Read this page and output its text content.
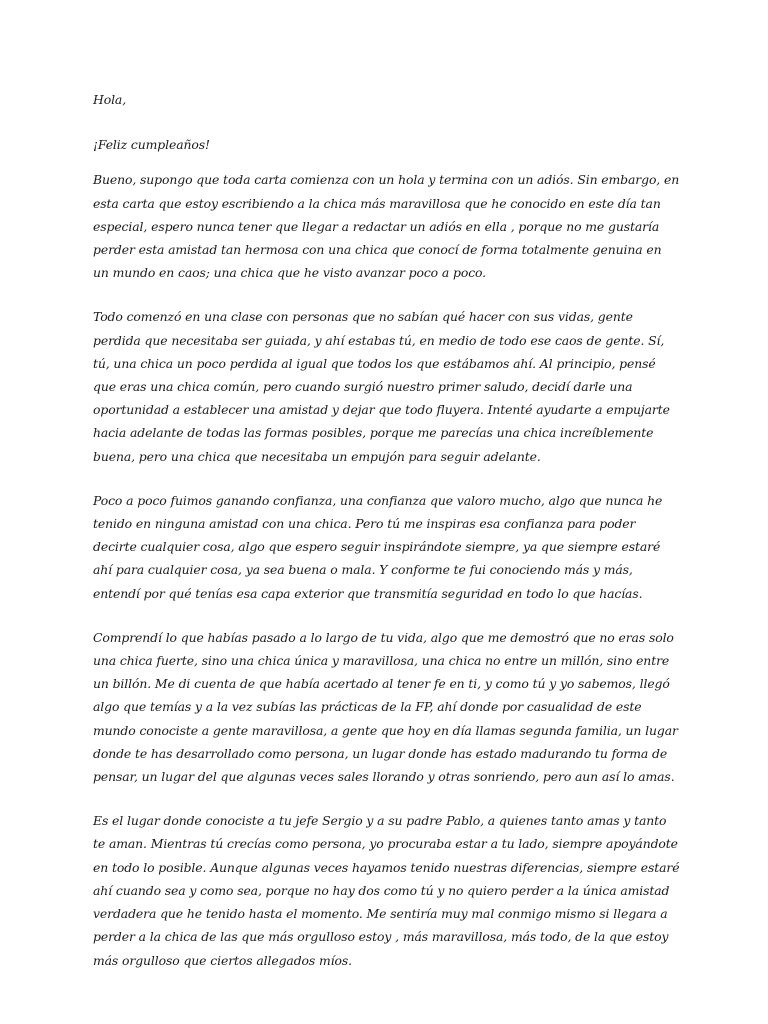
Hola,

¡Feliz cumpleaños!

Bueno, supongo que toda carta comienza con un hola y termina con un adiós. Sin embargo, en esta carta que estoy escribiendo a la chica más maravillosa que he conocido en este día tan especial, espero nunca tener que llegar a redactar un adiós en ella , porque no me gustaría perder esta amistad tan hermosa con una chica que conocí de forma totalmente genuina en un mundo en caos; una chica que he visto avanzar poco a poco.

Todo comenzó en una clase con personas que no sabían qué hacer con sus vidas, gente perdida que necesitaba ser guiada, y ahí estabas tú, en medio de todo ese caos de gente. Sí, tú, una chica un poco perdida al igual que todos los que estábamos ahí. Al principio, pensé que eras una chica común, pero cuando surgió nuestro primer saludo, decidí darle una oportunidad a establecer una amistad y dejar que todo fluyera. Intenté ayudarte a empujarte hacia adelante de todas las formas posibles, porque me parecías una chica increíblemente buena, pero una chica que necesitaba un empujón para seguir adelante.

Poco a poco fuimos ganando confianza, una confianza que valoro mucho, algo que nunca he tenido en ninguna amistad con una chica. Pero tú me inspiras esa confianza para poder decirte cualquier cosa, algo que espero seguir inspirándote siempre, ya que siempre estaré ahí para cualquier cosa, ya sea buena o mala. Y conforme te fui conociendo más y más, entendí por qué tenías esa capa exterior que transmitía seguridad en todo lo que hacías.

Comprendí lo que habías pasado a lo largo de tu vida, algo que me demostró que no eras solo una chica fuerte, sino una chica única y maravillosa, una chica no entre un millón, sino entre un billón. Me di cuenta de que había acertado al tener fe en ti, y como tú y yo sabemos, llegó algo que temías y a la vez subías las prácticas de la FP, ahí donde por casualidad de este mundo conociste a gente maravillosa, a gente que hoy en día llamas segunda familia, un lugar donde te has desarrollado como persona, un lugar donde has estado madurando tu forma de pensar, un lugar del que algunas veces sales llorando y otras sonriendo, pero aun así lo amas.

Es el lugar donde conociste a tu jefe Sergio y a su padre Pablo, a quienes tanto amas y tanto te aman. Mientras tú crecías como persona, yo procuraba estar a tu lado, siempre apoyándote en todo lo posible. Aunque algunas veces hayamos tenido nuestras diferencias, siempre estaré ahí cuando sea y como sea, porque no hay dos como tú y no quiero perder a la única amistad verdadera que he tenido hasta el momento. Me sentiría muy mal conmigo mismo si llegara a perder a la chica de las que más orgulloso estoy , más maravillosa, más todo, de la que estoy más orgulloso que ciertos allegados míos.
